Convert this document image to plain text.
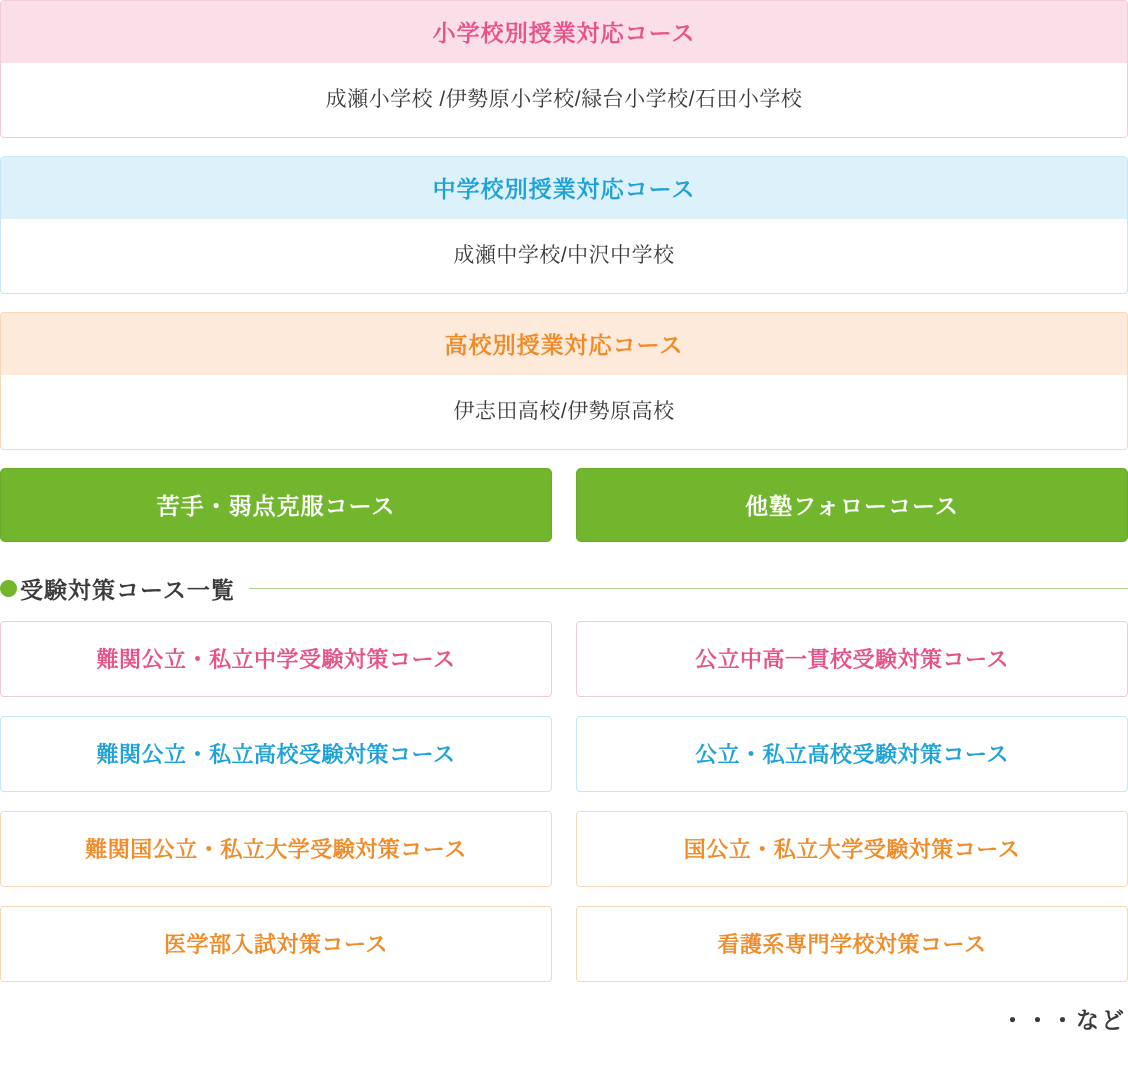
小学校別授業対応コース
成瀬小学校 /伊勢原小学校/緑台小学校/石田小学校
中学校別授業対応コース
成瀬中学校/中沢中学校
高校別授業対応コース
伊志田高校/伊勢原高校
苦手・弱点克服コース	他塾フォローコース
受験対策コース一覧
難関公立・私立中学受験対策コース	公立中高一貫校受験対策コース
難関公立・私立高校受験対策コース	公立・私立高校受験対策コース
難関国公立・私立大学受験対策コース	国公立・私立大学受験対策コース
医学部入試対策コース	看護系専門学校対策コース
・・・など
